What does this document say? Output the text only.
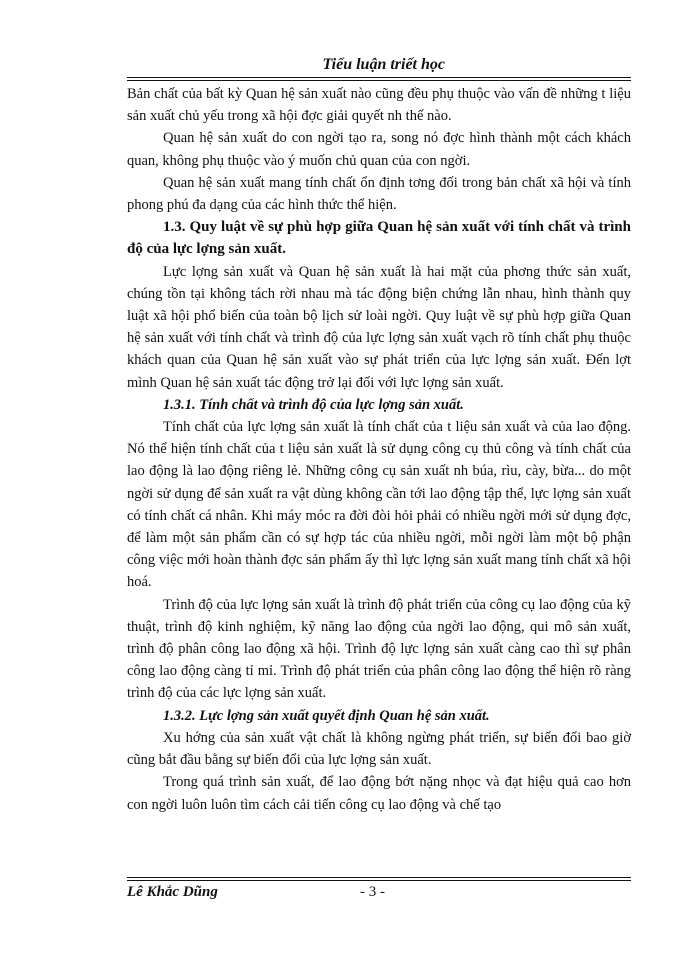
Tiểu luận triết học

Bản chất của bất kỳ Quan hệ sản xuất nào cũng đều phụ thuộc vào vấn đề những t liệu sản xuất chủ yếu trong xã hội đợc giải quyết nh thế nào.

Quan hệ sản xuất do con ngời tạo ra, song nó đợc hình thành một cách khách quan, không phụ thuộc vào ý muốn chủ quan của con ngời.

Quan hệ sản xuất mang tính chất ổn định tơng đối trong bản chất xã hội và tính phong phú đa dạng của các hình thức thể hiện.

1.3. Quy luật về sự phù hợp giữa Quan hệ sản xuất với tính chất và trình độ của lực lợng sản xuất.

Lực lợng sản xuất và Quan hệ sản xuất là hai mặt của phơng thức sản xuất, chúng tồn tại không tách rời nhau mà tác động biện chứng lẫn nhau, hình thành quy luật xã hội phổ biến của toàn bộ lịch sử loài ngời. Quy luật về sự phù hợp giữa Quan hệ sản xuất với tính chất và trình độ của lực lợng sản xuất vạch rõ tính chất phụ thuộc khách quan của Quan hệ sản xuất vào sự phát triển của lực lợng sản xuất. Đến lợt mình Quan hệ sản xuất tác động trở lại đối với lực lợng sản xuất.

1.3.1. Tính chất và trình độ của lực lợng sản xuất.

Tính chất của lực lợng sản xuất là tính chất của t liệu sản xuất và của lao động. Nó thể hiện tính chất của t liệu sản xuất là sử dụng công cụ thủ công và tính chất của lao động là lao động riêng lẻ. Những công cụ sản xuất nh búa, rìu, cày, bừa... do một ngời sử dụng để sản xuất ra vật dùng không cần tới lao động tập thể, lực lợng sản xuất có tính chất cá nhân. Khi máy móc ra đời đòi hỏi phải có nhiều ngời mới sử dụng đợc, để làm một sản phẩm cần có sự hợp tác của nhiều ngời, mỗi ngời làm một bộ phận công việc mới hoàn thành đợc sản phẩm ấy thì lực lợng sản xuất mang tính chất xã hội hoá.

Trình độ của lực lợng sản xuất là trình độ phát triển của công cụ lao động của kỹ thuật, trình độ kinh nghiệm, kỹ năng lao động của ngời lao động, qui mô sản xuất, trình độ phân công lao động xã hội. Trình độ lực lợng sản xuất càng cao thì sự phân công lao động càng tỉ mỉ. Trình độ phát triển của phân công lao động thể hiện rõ ràng trình độ của các lực lợng sản xuất.

1.3.2. Lực lợng sản xuất quyết định Quan hệ sản xuất.

Xu hớng của sản xuất vật chất là không ngừng phát triển, sự biến đổi bao giờ cũng bắt đầu bằng sự biến đổi của lực lợng sản xuất.

Trong quá trình sản xuất, để lao động bớt nặng nhọc và đạt hiệu quả cao hơn con ngời luôn luôn tìm cách cải tiến công cụ lao động và chế tạo

Lê Khắc Dũng	- 3 -
